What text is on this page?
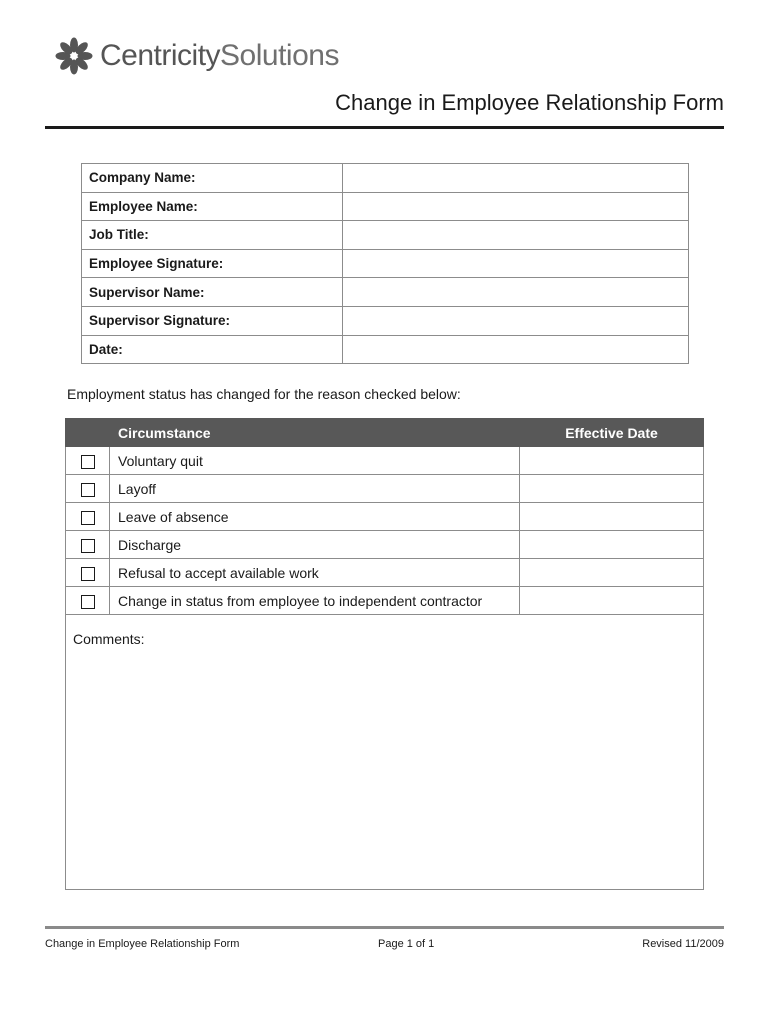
CentricitySolutions
Change in Employee Relationship Form
Company Name:	
Employee Name:	
Job Title:	
Employee Signature:	
Supervisor Name:	
Supervisor Signature:	
Date:	
Employment status has changed for the reason checked below:
	Circumstance	Effective Date
	Voluntary quit	
	Layoff	
	Leave of absence	
	Discharge	
	Refusal to accept available work	
	Change in status from employee to independent contractor	
Comments:
Change in Employee Relationship Form	Page 1 of 1	Revised 11/2009
